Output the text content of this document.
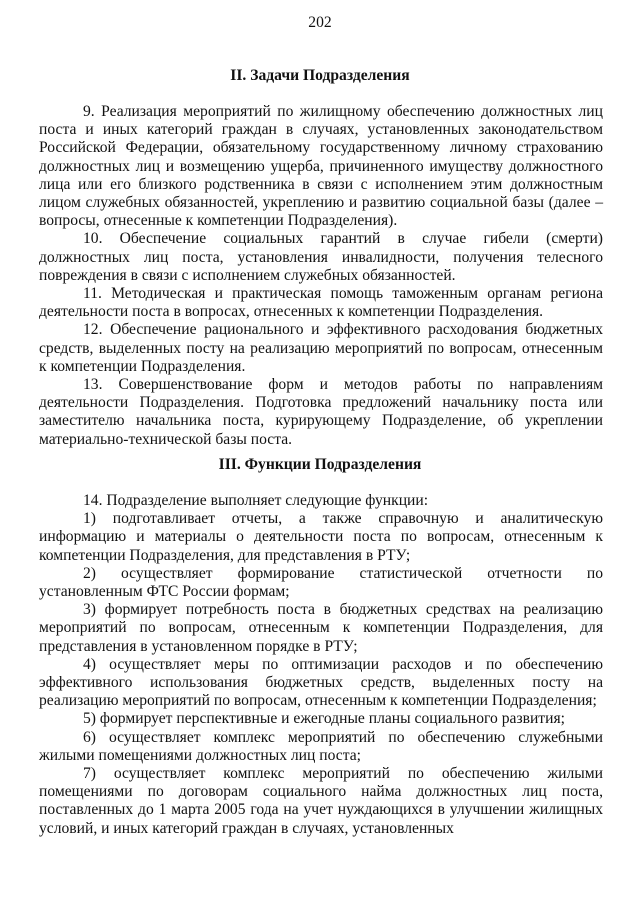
202
II. Задачи Подразделения

9. Реализация мероприятий по жилищному обеспечению должностных лиц поста и иных категорий граждан в случаях, установленных законодательством Российской Федерации, обязательному государственному личному страхованию должностных лиц и возмещению ущерба, причиненного имуществу должностного лица или его близкого родственника в связи с исполнением этим должностным лицом служебных обязанностей, укреплению и развитию социальной базы (далее – вопросы, отнесенные к компетенции Подразделения).

10. Обеспечение социальных гарантий в случае гибели (смерти) должностных лиц поста, установления инвалидности, получения телесного повреждения в связи с исполнением служебных обязанностей.

11. Методическая и практическая помощь таможенным органам региона деятельности поста в вопросах, отнесенных к компетенции Подразделения.

12. Обеспечение рационального и эффективного расходования бюджетных средств, выделенных посту на реализацию мероприятий по вопросам, отнесенным к компетенции Подразделения.

13. Совершенствование форм и методов работы по направлениям деятельности Подразделения. Подготовка предложений начальнику поста или заместителю начальника поста, курирующему Подразделение, об укреплении материально-технической базы поста.

III. Функции Подразделения

14. Подразделение выполняет следующие функции:

1) подготавливает отчеты, а также справочную и аналитическую информацию и материалы о деятельности поста по вопросам, отнесенным к компетенции Подразделения, для представления в РТУ;

2) осуществляет формирование статистической отчетности по установленным ФТС России формам;

3) формирует потребность поста в бюджетных средствах на реализацию мероприятий по вопросам, отнесенным к компетенции Подразделения, для представления в установленном порядке в РТУ;

4) осуществляет меры по оптимизации расходов и по обеспечению эффективного использования бюджетных средств, выделенных посту на реализацию мероприятий по вопросам, отнесенным к компетенции Подразделения;

5) формирует перспективные и ежегодные планы социального развития;

6) осуществляет комплекс мероприятий по обеспечению служебными жилыми помещениями должностных лиц поста;

7) осуществляет комплекс мероприятий по обеспечению жилыми помещениями по договорам социального найма должностных лиц поста, поставленных до 1 марта 2005 года на учет нуждающихся в улучшении жилищных условий, и иных категорий граждан в случаях, установленных
